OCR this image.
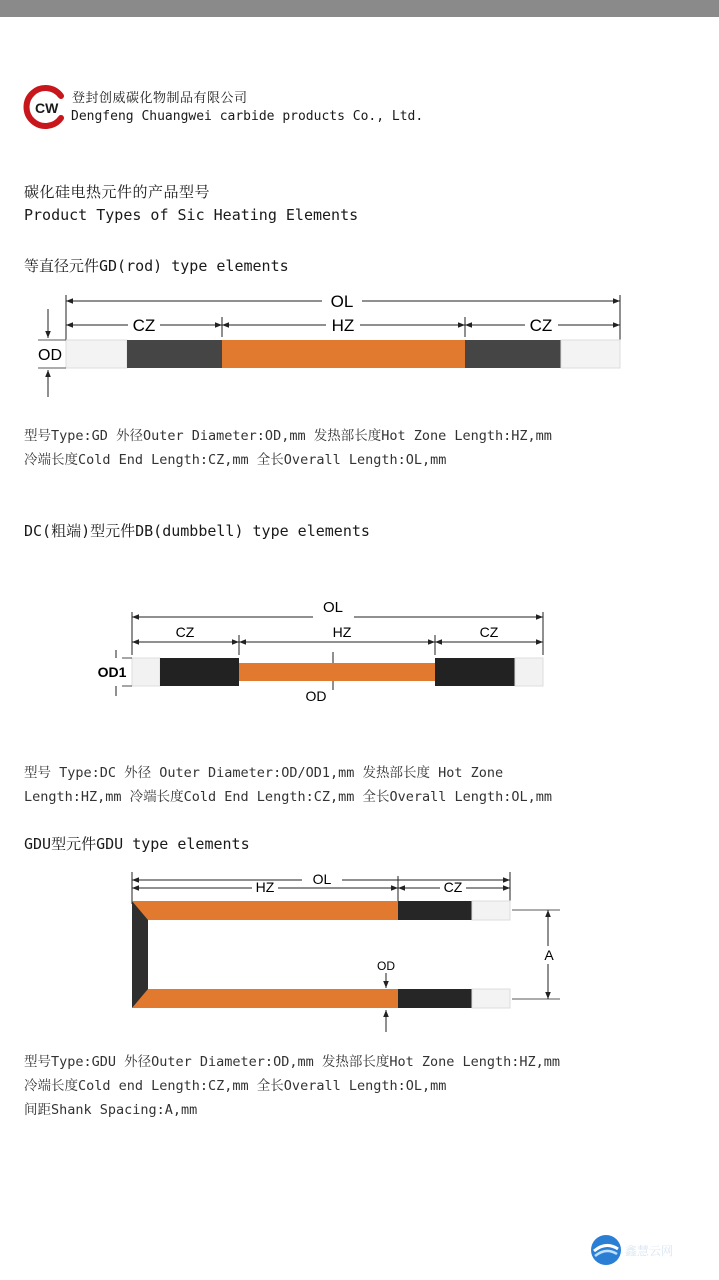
CW
登封创威碳化物制品有限公司
Dengfeng Chuangwei carbide products Co., Ltd.
碳化硅电热元件的产品型号
Product Types of Sic Heating Elements
等直径元件GD(rod) type elements
OL
CZ	HZ	CZ
OD
型号Type:GD 外径Outer Diameter:OD,mm 发热部长度Hot Zone Length:HZ,mm
冷端长度Cold End Length:CZ,mm 全长Overall Length:OL,mm
DC(粗端)型元件DB(dumbbell) type elements
OL
CZ	HZ	CZ
OD
OD1
型号 Type:DC 外径 Outer Diameter:OD/OD1,mm 发热部长度 Hot Zone
Length:HZ,mm 冷端长度Cold End Length:CZ,mm 全长Overall Length:OL,mm
GDU型元件GDU type elements
OL
HZ	CZ
A
OD
型号Type:GDU 外径Outer Diameter:OD,mm 发热部长度Hot Zone Length:HZ,mm
冷端长度Cold end Length:CZ,mm 全长Overall Length:OL,mm
间距Shank Spacing:A,mm
鑫慧云网
